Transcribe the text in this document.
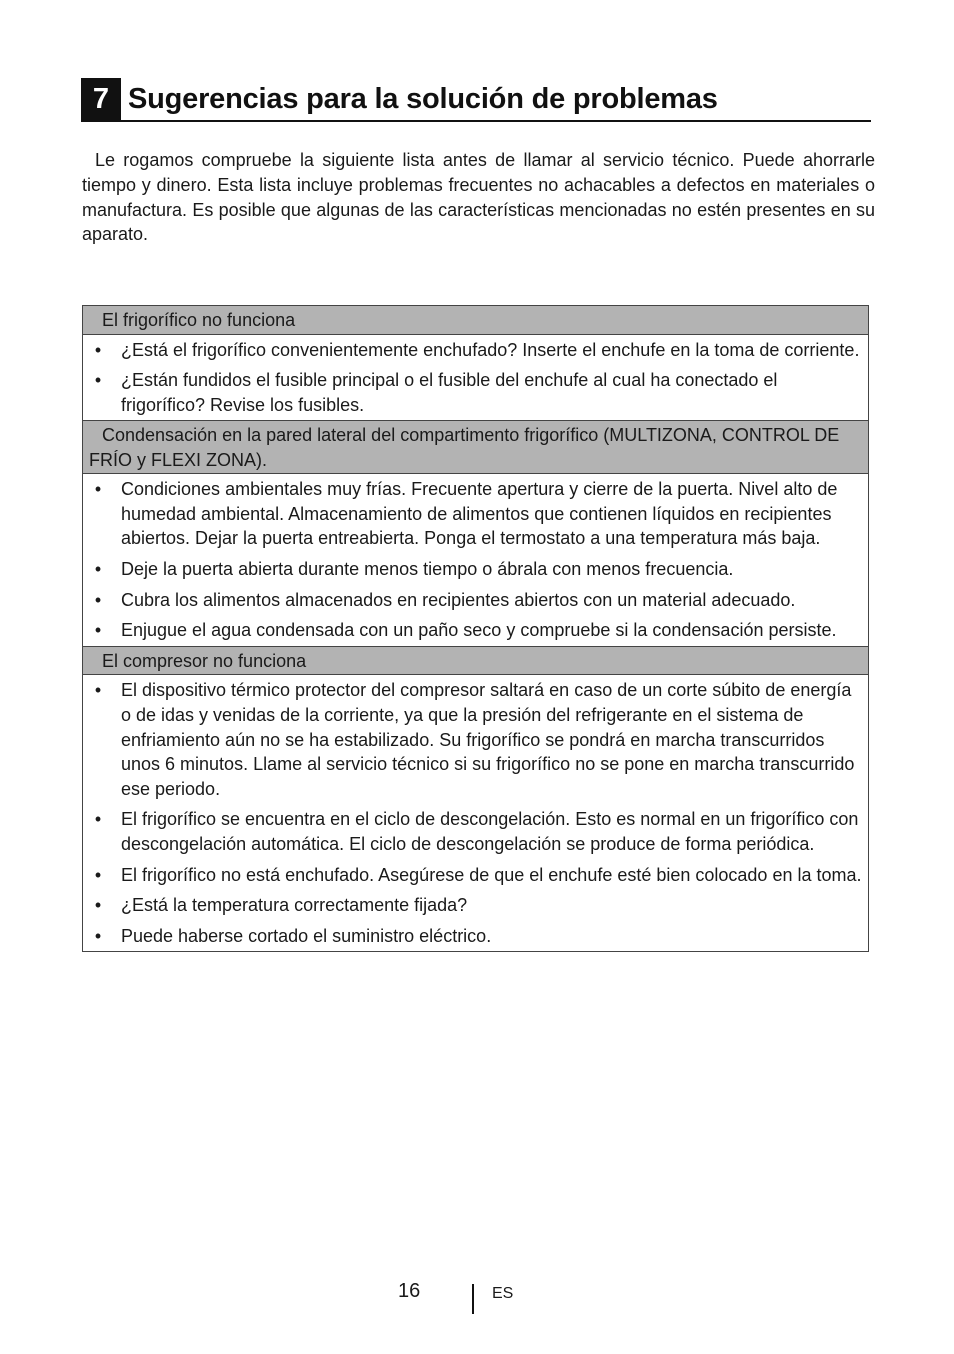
7 Sugerencias para la solución de problemas

Le rogamos compruebe la siguiente lista antes de llamar al servicio técnico. Puede ahorrarle tiempo y dinero. Esta lista incluye problemas frecuentes no achacables a defectos en materiales o manufactura. Es posible que algunas de las características mencionadas no estén presentes en su aparato.

El frigorífico no funciona
• ¿Está el frigorífico convenientemente enchufado? Inserte el enchufe en la toma de corriente.
• ¿Están fundidos el fusible principal o el fusible del enchufe al cual ha conectado el frigorífico? Revise los fusibles.
Condensación en la pared lateral del compartimento frigorífico (MULTIZONA, CONTROL DE FRÍO y FLEXI ZONA).
• Condiciones ambientales muy frías. Frecuente apertura y cierre de la puerta. Nivel alto de humedad ambiental. Almacenamiento de alimentos que contienen líquidos en recipientes abiertos. Dejar la puerta entreabierta. Ponga el termostato a una temperatura más baja.
• Deje la puerta abierta durante menos tiempo o ábrala con menos frecuencia.
• Cubra los alimentos almacenados en recipientes abiertos con un material adecuado.
• Enjugue el agua condensada con un paño seco y compruebe si la condensación persiste.
El compresor no funciona
• El dispositivo térmico protector del compresor saltará en caso de un corte súbito de energía o de idas y venidas de la corriente, ya que la presión del refrigerante en el sistema de enfriamiento aún no se ha estabilizado. Su frigorífico se pondrá en marcha transcurridos unos 6 minutos. Llame al servicio técnico si su frigorífico no se pone en marcha transcurrido ese periodo.
• El frigorífico se encuentra en el ciclo de descongelación. Esto es normal en un frigorífico con descongelación automática. El ciclo de descongelación se produce de forma periódica.
• El frigorífico no está enchufado. Asegúrese de que el enchufe esté bien colocado en la toma.
• ¿Está la temperatura correctamente fijada?
• Puede haberse cortado el suministro eléctrico.
16	ES
